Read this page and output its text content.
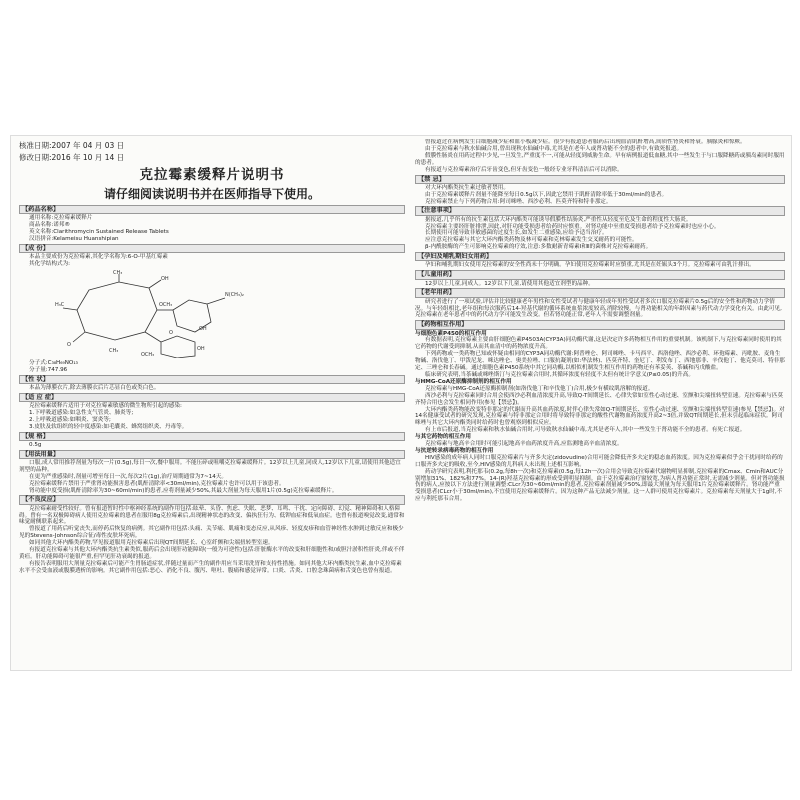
核准日期:2007 年 04 月 03 日
修改日期:2016 年 10 月 14 日
克拉霉素缓释片说明书
请仔细阅读说明书并在医师指导下使用。
【药品名称】

通用名称:克拉霉素缓释片

商品名称:诺邦®

英文名称:Clarithromycin Sustained Release Tablets

汉语拼音:Kelameisu Huanshipian

【成 份】

本品主要成份为克拉霉素,其化学名称为:6-O-甲基红霉素

其化学结构式为:

CH₃
H₃C
OH
OCH₃
N(CH₃)₂
OH
O
O
OH
OCH₃
CH₃

分子式:C₃₈H₆₉NO₁₃

分子量:747.96

【性 状】

本品为薄膜衣片,除去薄膜衣后片芯显白色或类白色。

【适 应 症】

克拉霉素缓释片适用于对克拉霉素敏感的微生物所引起的感染:

1.下呼吸道感染:如急性支气管炎、肺炎等;

2.上呼吸道感染:如咽炎、窦炎等;

3.皮肤及软组织的轻中度感染:如毛囊炎、蜂窝组织炎、丹毒等。

【规 格】

0.5g

【用法用量】

口服,成人常用推荐剂量为每次一片(0.5g),每日一次,餐中服用。不能压碎或咀嚼克拉霉素缓释片。12岁以上儿童,同成人,12岁以下儿童,请使用其他适宜剂型的品种。

在更为严重感染时,剂量可增至每日一次,每次2片(1g),治疗周期通常为7~14天。

克拉霉素缓释片禁用于严重肾功能损害患者(肌酐清除率<30ml/min),克拉霉素片也许可以用于该患者。

肾功能中度受损(肌酐清除率为30~60ml/min)的患者,应将剂量减少50%,其最大剂量为每天服用1片(0.5g)克拉霉素缓释片。

【不良反应】

克拉霉素耐受性较好。曾有报道暂时性中枢神经系统的副作用包括:眩晕、头昏、焦虑、失眠、恶梦、耳鸣、干扰、定向障碍、幻觉、精神障碍和人格障碍。曾有一名双极障碍病人使用克拉霉素的患者在服用8g克拉霉素后,出现精神状态的改变、偏执狂行为、低钾血症和低氧血症。也曾有报道嗅觉改变,通常和味觉耐侧联系起来。

曾报道了用药后听觉丧失,而停药后恢复的病例。其它副作用包括:头痛、关节痛、肌痛和变态反应,从风疹、轻度皮疹和血管神经性水肿到过敏反应和极少见的Stevens-Johnson综合征/毒性皮肤坏死病。

如同其他大环内酯类药物,罕见报道服用克拉霉素后出现QT间期延长、心室纤颤和尖端扭转型室速。

有报道克拉霉素与其他大环内酯类抗生素类似,服药后会出现肝功能障碍(一般为可逆性)包括:肝脏酶水平的改变和肝细胞性和/或胆汁淤积性肝炎,伴或不伴黄疸。肝功能障碍可能很严重,但罕见肝功衰竭的报道。

有报告表明服用大剂量克拉霉素后可能产生胃肠道症状,伴随过量而产生的副作用应当采用洗胃和支持性措施。如同其他大环内酯类抗生素,血中克拉霉素水平不会受血液或腹膜透析的影响。其它副作用包括:恶心、消化不良、腹泻、呕吐、腹痛和感觉异常。口炎、舌炎、口腔念珠菌病和舌变色也曾有报道。

曾报道过在病例发生白细胞减少症和血小板减少症。很少有报道患者服药后出现血清肌酐增高,间质性肾炎和肾衰。胰腺炎和惊厥。

由于克拉霉素与秋水仙碱合用,曾出现秋水仙碱中毒,尤其是在老年人或肾功能不全的患者中,有致死报道。

假膜性肠炎在用药过程中少见,一旦发生,严重度不一,可能从轻度到威胁生命。早有病例报道低血糖,其中一些发生于与口服降糖药或胰岛素同时服用的患者。

有报道与克拉霉素治疗后牙齿变色,但牙齿变色一般经专业牙科清洁后可以消除。

【禁 忌】

对大环内酯类抗生素过敏者禁用。

由于克拉霉素缓释片剂量不能降至每日0.5g以下,因此它禁用于肌酐清除率低于30ml/min的患者。

克拉霉素禁止与下列药物合用:阿司咪唑、西沙必利、匹莫齐特和特非那定。

【注意事项】

据报道,几乎所有的抗生素包括大环内酯类可能诱导假膜性结肠炎,严重性从轻度至危及生命的程度性大肠炎。

克拉霉素主要经肝脏排泄,因此,对肝功能受损患者给药时应慎重。对肾功能中至重度受损患者给予克拉霉素时也应小心。

长期使用可能导致非敏感菌的过度生长,如发生二重感染,应给予适当治疗。

应注意克拉霉素与其它大环内酯类药物及林可霉素和克林霉素发生交叉耐药的可能性。

β-内酰胺酶的产生可影响克拉霉素的疗效,注意:多数耐新青霉素Ⅰ和Ⅱ的菌株对克拉霉素耐药。

【孕妇及哺乳期妇女用药】

孕妇和哺乳期妇女使用克拉霉素的安全性尚未十分明确。孕妇使用克拉霉素时应慎重,尤其是在妊娠头3个月。克拉霉素可由乳汁排出。

【儿童用药】

12岁以上儿童,同成人。12岁以下儿童,请使用其他适宜剂型的品种。

【老年用药】

研究者进行了一项试验,评估并比较健康老年男性和女性受试者与健康年轻成年男性受试者多次口服克拉霉素片0.5g后的安全性和药物动力学情况。与年轻组相比,老年组和每次服药后14-羟基代谢的循环系统血浆浓度较高,消除较慢。与肾功能相关的年龄因素与药代动力学变化有关。由此可见,克拉霉素在老年患者中的药代动力学可能发生改变。但若肾功能正常,老年人不需要调整剂量。

【药物相互作用】

与细胞色素P450的相互作用

有数据表明,克拉霉素主要由肝细胞色素P4503A(CYP3A)同功酶代谢,这是决定许多药物相互作用的重要机制。该机制下,与克拉霉素同时使用的其它药物的代谢受到抑制,从而其血清中的药物浓度升高。

下列药物或一类药物已知或怀疑由相同的CYP3A同功酶代谢:阿普唑仑、阿司咪唑、卡马西平、西洛他唑、西沙必利、环孢霉素、丙吡胺、麦角生物碱、洛伐他丁、甲泼尼龙、咪达唑仑、奥美拉唑、口服抗凝剂(如:华法林)、匹莫齐特、奎尼丁、利发布丁、西地那非、辛伐他丁、他克莫司、特非那定、三唑仑和长春碱。通过细胞色素P450系统中其它同功酶,以相似机制发生相互作用的药物还有苯妥英、茶碱和丙戊酸盐。

临床研究表明,当茶碱或咪唑斯汀与克拉霉素合用时,其循环浓度有轻度不太但有统计学意义(P≤0.05)的升高。

与HMG-CoA还原酶抑制剂的相互作用

克拉霉素与HMG-CoA还原酶抑制剂(如洛伐他丁和辛伐他丁)合用,极少有横纹肌溶解的报道。

西沙必利与克拉霉素同时合用会使西沙必利血清浓度升高,导致Q-T间期延长、心律失常如室性心动过速、室颤和尖端扭转型室速。克拉霉素与匹莫齐特合用也会发生相同作用(参见【禁忌】)。

大环内酯类药物能改变特非那定的代谢而升高其血药浓度,时伴心律失常如Q-T间期延长、室性心动过速、室颤和尖端扭转型室速(参见【禁忌】)。对14名健康受试者的研究发现,克拉霉素与特非那定合用时将导致特非那定的酸性代谢物血药浓度升高2~3倍,并致QT间期延长,但未引起临床症状。阿司咪唑与其它大环内酯类同时给药时也曾观察到相似反应。

有上市后报道,当克拉霉素和秋水仙碱合用时,可导致秋水仙碱中毒,尤其是老年人,其中一些发生于肾功能不全的患者。有死亡报道。

与其它药物的相互作用

克拉霉素与地高辛合用时可能引起地高辛血药浓度升高,应监测地高辛血清浓度。

与抗逆转录病毒药物的相互作用

HIV感染的成年病人同时口服克拉霉素片与齐多夫定(zidovudine)合用可能会降低齐多夫定的稳态血药浓度。因为克拉霉素似乎会干扰同时给药的口服齐多夫定的吸收,至今,HIV感染的儿科病人未出现上述相互影响。

药动学研究表明,利托那韦(0.2g,每8h一次)和克拉霉素(0.5g,每12h一次)合用会导致克拉霉素代谢物明显抑制,克拉霉素的Cmax、Cmin和AUC分别增加31%、182%和77%。14-(R)羟基克拉霉素的形成受到明显抑制。由于克拉霉素治疗窗较宽,为病人肾功能正常时,无需减少剂量。但对肾功能损伤的病人,应按以下方法进行剂量调整:CLcr为30~60ml/min的患者,克拉霉素剂量减少50%,即最大剂量为每天服用1片克拉霉素缓释片。肾功能严重受损患者(CLcr小于30ml/min),不宜使用克拉霉素缓释片。因为这种产品无法减少剂量。这一人群可使用克拉霉素片。克拉霉素每天剂量大于1g时,不应与利托那韦合用。
